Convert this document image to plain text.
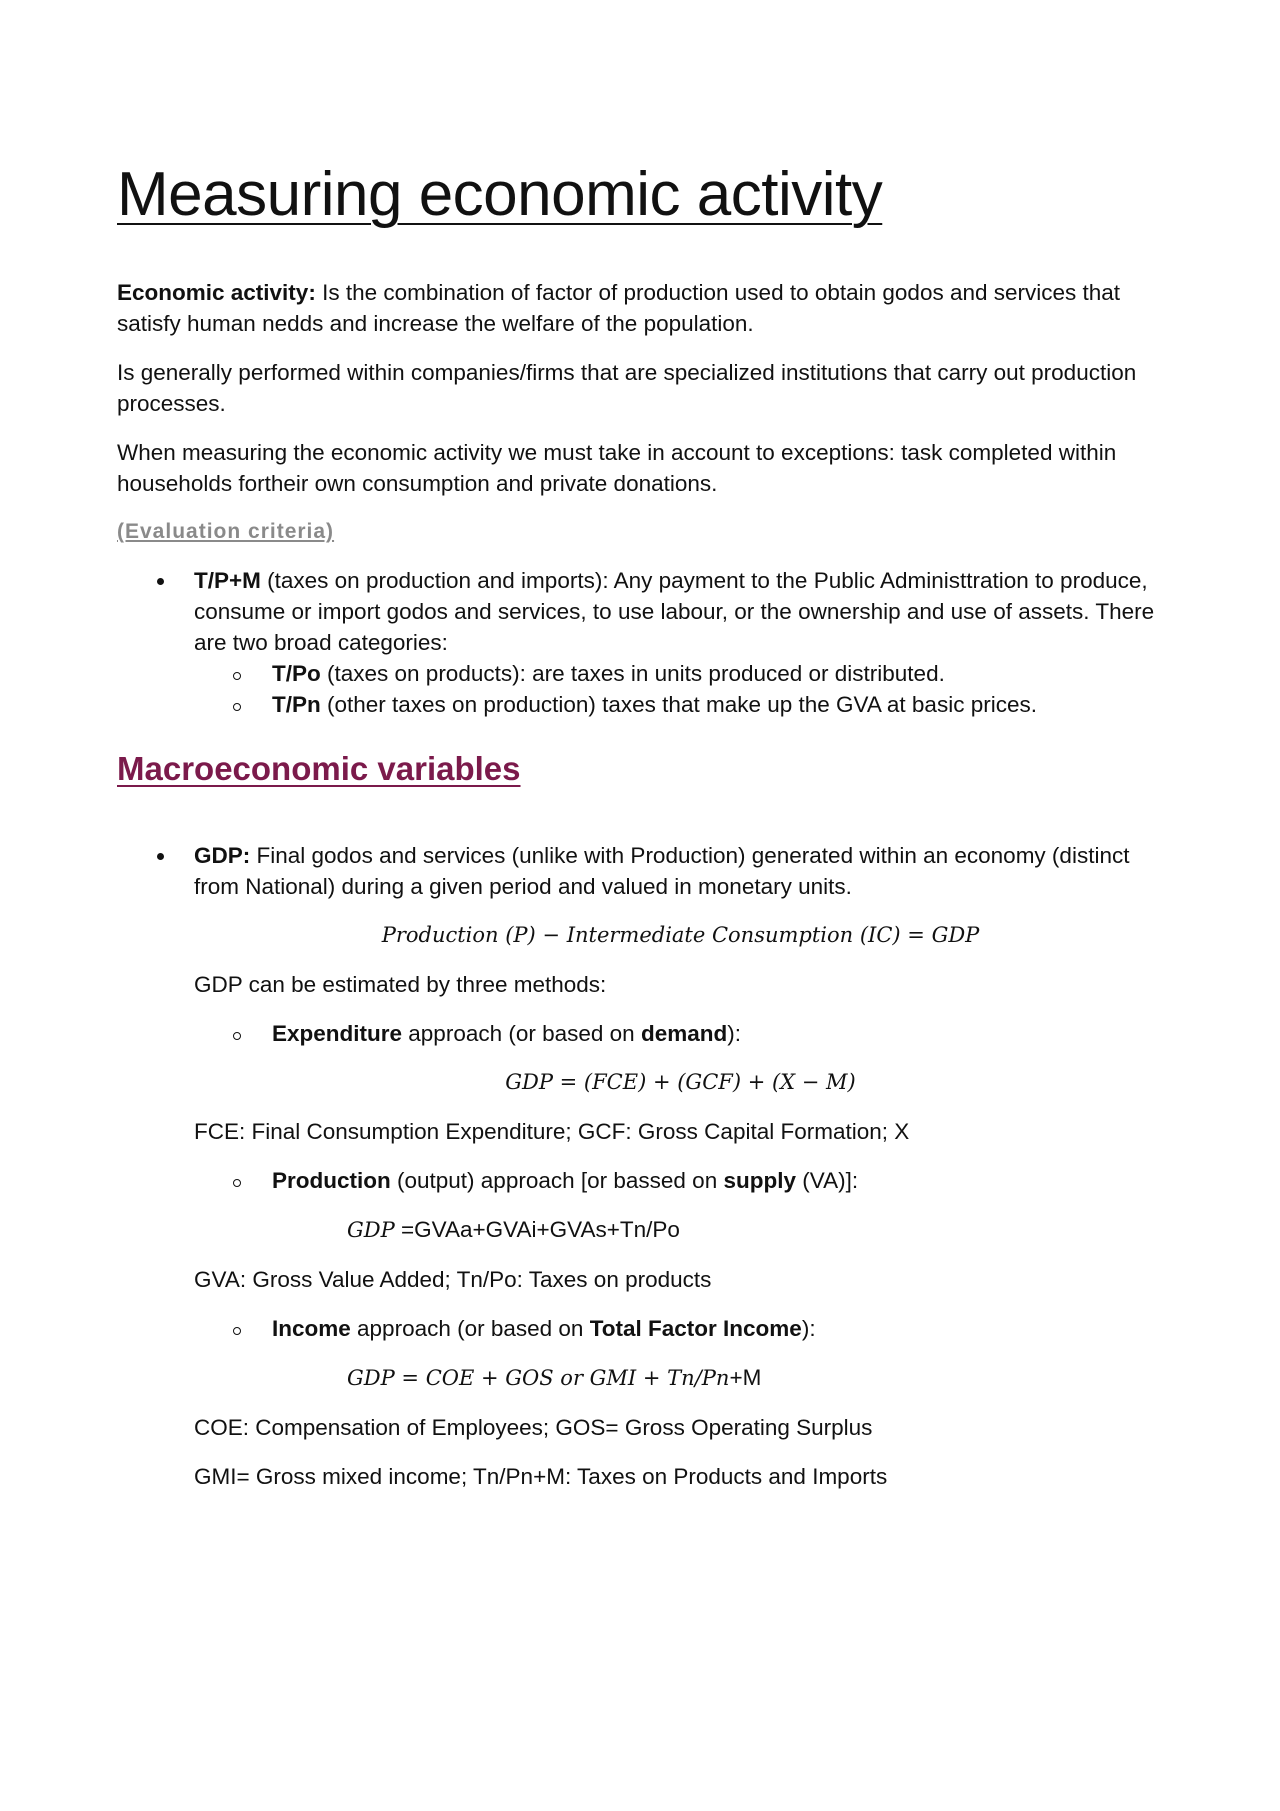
Measuring economic activity

Economic activity: Is the combination of factor of production used to obtain godos and services that satisfy human nedds and increase the welfare of the population.

Is generally performed within companies/firms that are specialized institutions that carry out production processes.

When measuring the economic activity we must take in account to exceptions: task completed within households fortheir own consumption and private donations.

(Evaluation criteria)
T/P+M (taxes on production and imports): Any payment to the Public Administtration to produce, consume or import godos and services, to use labour, or the ownership and use of assets. There are two broad categories:
T/Po (taxes on products): are taxes in units produced or distributed.
T/Pn (other taxes on production) taxes that make up the GVA at basic prices.
Macroeconomic variables
GDP: Final godos and services (unlike with Production) generated within an economy (distinct from National) during a given period and valued in monetary units.

Production (P) − Intermediate Consumption (IC) = GDP

GDP can be estimated by three methods:

Expenditure approach (or based on demand):

GDP = (FCE) + (GCF) + (X − M)

FCE: Final Consumption Expenditure; GCF: Gross Capital Formation; X

Production (output) approach [or bassed on supply (VA)]:

GDP =GVAa+GVAi+GVAs+Tn/Po

GVA: Gross Value Added; Tn/Po: Taxes on products

Income approach (or based on Total Factor Income):

GDP = COE + GOS or GMI + Tn/Pn+M

COE: Compensation of Employees; GOS= Gross Operating Surplus

GMI= Gross mixed income; Tn/Pn+M: Taxes on Products and Imports
